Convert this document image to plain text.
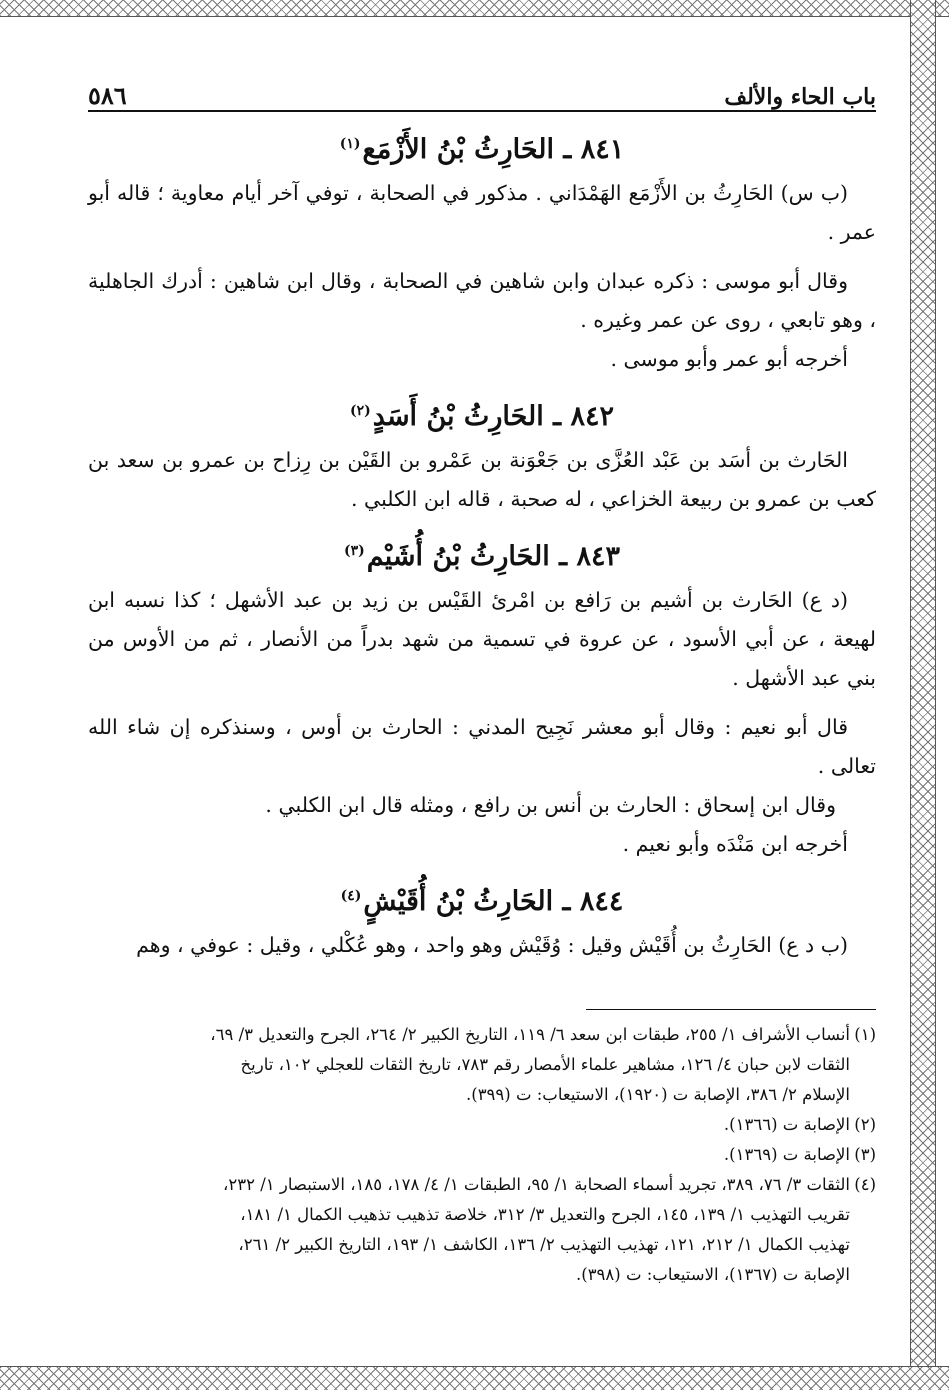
باب الحاء والألف
٥٨٦
٨٤١ ـ الحَارِثُ بْنُ الأَزْمَع$^{(١)}$

(ب س) الحَارِثُ بن الأَزْمَع الهَمْدَاني . مذكور في الصحابة ، توفي آخر أيام معاوية ؛ قاله أبو عمر .

وقال أبو موسى : ذكره عبدان وابن شاهين في الصحابة ، وقال ابن شاهين : أدرك الجاهلية ، وهو تابعي ، روى عن عمر وغيره .

أخرجه أبو عمر وأبو موسى .

٨٤٢ ـ الحَارِثُ بْنُ أَسَدٍ$^{(٢)}$

الحَارث بن أسَد بن عَبْد العُزَّى بن جَعْوَنة بن عَمْرو بن القَيْن بن رِزاح بن عمرو بن سعد بن كعب بن عمرو بن ربيعة الخزاعي ، له صحبة ، قاله ابن الكلبي .

٨٤٣ ـ الحَارِثُ بْنُ أُشَيْم$^{(٣)}$

(د ع) الحَارث بن أشيم بن رَافع بن امْرئ القَيْس بن زيد بن عبد الأشهل ؛ كذا نسبه ابن لهيعة ، عن أبي الأسود ، عن عروة في تسمية من شهد بدراً من الأنصار ، ثم من الأوس من بني عبد الأشهل .

قال أبو نعيم : وقال أبو معشر نَجِيح المدني : الحارث بن أوس ، وسنذكره إن شاء الله تعالى .

وقال ابن إسحاق : الحارث بن أنس بن رافع ، ومثله قال ابن الكلبي .

أخرجه ابن مَنْدَه وأبو نعيم .

٨٤٤ ـ الحَارِثُ بْنُ أُقَيْشٍ$^{(٤)}$

(ب د ع) الحَارِثُ بن أُقَيْش وقيل : وُقَيْش وهو واحد ، وهو عُكْلي ، وقيل : عوفي ، وهم

(١)أنساب الأشراف ١/ ٢٥٥، طبقات ابن سعد ٦/ ١١٩، التاريخ الكبير ٢/ ٢٦٤، الجرح والتعديل ٣/ ٦٩،
الثقات لابن حبان ٤/ ١٢٦، مشاهير علماء الأمصار رقم ٧٨٣، تاريخ الثقات للعجلي ١٠٢، تاريخ
الإسلام ٢/ ٣٨٦، الإصابة ت (١٩٢٠)، الاستيعاب: ت (٣٩٩).
(٢)الإصابة ت (١٣٦٦).
(٣)الإصابة ت (١٣٦٩).
(٤)الثقات ٣/ ٧٦، ٣٨٩، تجريد أسماء الصحابة ١/ ٩٥، الطبقات ١/ ٤/ ١٧٨، ١٨٥، الاستبصار ١/ ٢٣٢،
تقريب التهذيب ١/ ١٣٩، ١٤٥، الجرح والتعديل ٣/ ٣١٢، خلاصة تذهيب تذهيب الكمال ١/ ١٨١،
تهذيب الكمال ١/ ٢١٢، ١٢١، تهذيب التهذيب ٢/ ١٣٦، الكاشف ١/ ١٩٣، التاريخ الكبير ٢/ ٢٦١،
الإصابة ت (١٣٦٧)، الاستيعاب: ت (٣٩٨).
